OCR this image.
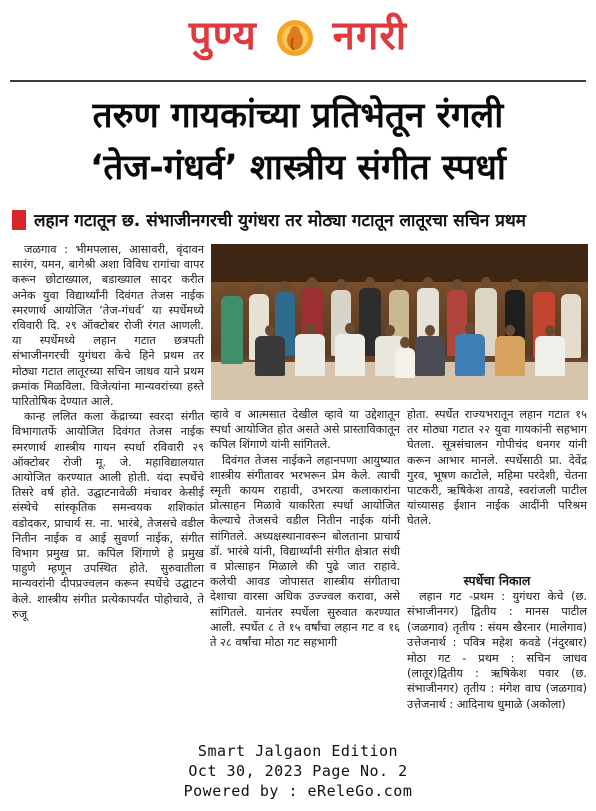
पुण्य नगरी
तरुण गायकांच्या प्रतिभेतून रंगली
‘तेज-गंधर्व’ शास्त्रीय संगीत स्पर्धा
लहान गटातून छ. संभाजीनगरची युगंधरा तर मोठ्या गटातून लातूरचा सचिन प्रथम

जळगाव : भीमपलास, आसावरी, वृंदावन सारंग, यमन, बागेश्री अशा विविध रागांचा वापर करून छोटाख्याल, बडाख्याल सादर करीत अनेक युवा विद्यार्थ्यांनी दिवंगत तेजस नाईक स्मरणार्थ आयोजित ‘तेज-गंधर्व’ या स्पर्धेमध्ये रविवारी दि. २९ ऑक्टोबर रोजी रंगत आणली. या स्पर्धेमध्ये लहान गटात छत्रपती संभाजीनगरची युगंधरा केचे हिने प्रथम तर मोठ्या गटात लातूरच्या सचिन जाधव याने प्रथम क्रमांक मिळविला. विजेत्यांना मान्यवरांच्या हस्ते पारितोषिक देण्यात आले.

कान्ह ललित कला केंद्राच्या स्वरदा संगीत विभागातर्फे आयोजित दिवंगत तेजस नाईक स्मरणार्थ शास्त्रीय गायन स्पर्धा रविवारी २९ ऑक्टोबर रोजी मू. जे. महाविद्यालयात आयोजित करण्यात आली होती. यंदा स्पर्धेचे तिसरे वर्ष होते. उद्घाटनावेळी मंचावर केसीई संस्थेचे सांस्कृतिक समन्वयक शशिकांत वडोदकर, प्राचार्य स. ना. भारंबे, तेजसचे वडील नितीन नाईक व आई सुवर्णा नाईक, संगीत विभाग प्रमुख प्रा. कपिल शिंगाणे हे प्रमुख पाहुणे म्हणून उपस्थित होते. सुरुवातीला मान्यवरांनी दीपप्रज्वलन करून स्पर्धेचे उद्घाटन केले. शास्त्रीय संगीत प्रत्येकापर्यंत पोहोचावे, ते रुजू

व्हावे व आत्मसात देखील व्हावे या उद्देशातून स्पर्धा आयोजित होत असते असे प्रास्ताविकातून कपिल शिंगाणे यांनी सांगितले.

दिवंगत तेजस नाईकने लहानपणा आयुष्यात शास्त्रीय संगीतावर भरभरून प्रेम केले. त्याची स्मृती कायम राहावी, उभरत्या कलाकारांना प्रोत्साहन मिळावे याकरिता स्पर्धा आयोजित केल्याचे तेजसचे वडील नितीन नाईक यांनी सांगितले. अध्यक्षस्थानावरून बोलताना प्राचार्य डॉ. भारंबे यांनी, विद्यार्थ्यांनी संगीत क्षेत्रात संधी व प्रोत्साहन मिळाले की पुढे जात राहावे. कलेची आवड जोपासत शास्त्रीय संगीताचा देशाचा वारसा अधिक उज्ज्वल करावा, असे सांगितले. यानंतर स्पर्धेला सुरुवात करण्यात आली. स्पर्धेत ८ ते १५ वर्षांचा लहान गट व १६ ते २८ वर्षांचा मोठा गट सहभागी

होता. स्पर्धेत राज्यभरातून लहान गटात १५ तर मोठ्या गटात २२ युवा गायकांनी सहभाग घेतला. सूत्रसंचालन गोपीचंद धनगर यांनी करून आभार मानले. स्पर्धेसाठी प्रा. देवेंद्र गुरव, भूषण काटोले, महिमा परदेशी, चेतना पाटकरी, ऋषिकेश तायडे, स्वरांजली पाटील यांच्यासह ईशान नाईक आदींनी परिश्रम घेतले.

स्पर्धेचा निकाल

लहान गट -प्रथम : युगंधरा केचे (छ. संभाजीनगर) द्वितीय : मानस पाटील (जळगाव) तृतीय : संयम खैरनार (मालेगाव) उत्तेजनार्थ : पवित्र महेश कवडे (नंदुरबार) मोठा गट - प्रथम : सचिन जाधव (लातूर)द्वितीय : ऋषिकेश पवार (छ. संभाजीनगर) तृतीय : मंगेश वाघ (जळगाव) उत्तेजनार्थ : आदिनाथ धुमाळे (अकोला)

Smart Jalgaon Edition
Oct 30, 2023 Page No. 2
Powered by : eReleGo.com
